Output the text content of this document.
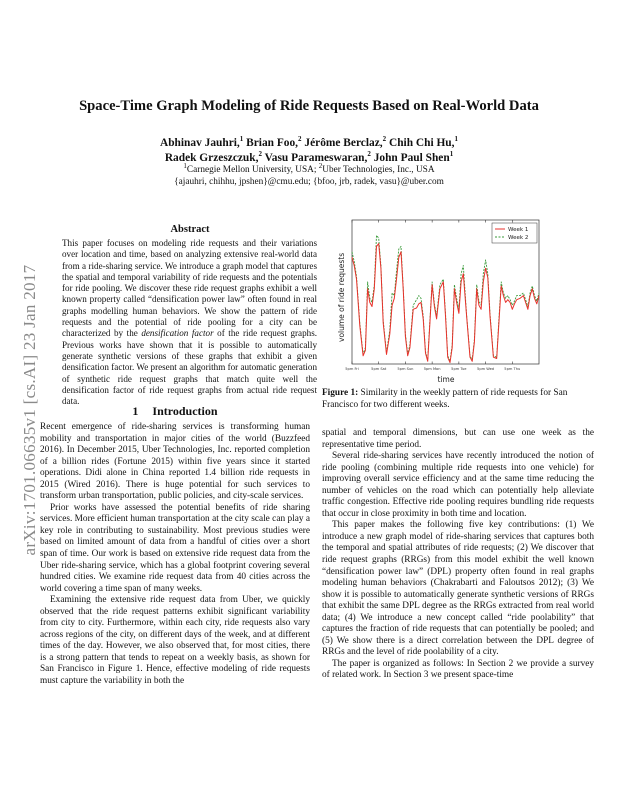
arXiv:1701.06635v1 [cs.AI] 23 Jan 2017
Space-Time Graph Modeling of Ride Requests Based on Real-World Data
Abhinav Jauhri,$^1$ Brian Foo,$^2$ Jérôme Berclaz,$^2$ Chih Chi Hu,$^1$
Radek Grzeszczuk,$^2$ Vasu Parameswaran,$^2$ John Paul Shen$^1$
$^1$Carnegie Mellon University, USA; $^2$Uber Technologies, Inc., USA
{ajauhri, chihhu, jpshen}@cmu.edu; {bfoo, jrb, radek, vasu}@uber.com
Abstract
This paper focuses on modeling ride requests and their variations over location and time, based on analyzing extensive real-world data from a ride-sharing service. We introduce a graph model that captures the spatial and temporal variability of ride requests and the potentials for ride pooling. We discover these ride request graphs exhibit a well known property called “densification power law” often found in real graphs modelling human behaviors. We show the pattern of ride requests and the potential of ride pooling for a city can be characterized by the densification factor of the ride request graphs. Previous works have shown that it is possible to automatically generate synthetic versions of these graphs that exhibit a given densification factor. We present an algorithm for automatic generation of synthetic ride request graphs that match quite well the densification factor of ride request graphs from actual ride request data.
1 Introduction

Recent emergence of ride-sharing services is transforming human mobility and transportation in major cities of the world (Buzzfeed 2016). In December 2015, Uber Technologies, Inc. reported completion of a billion rides (Fortune 2015) within five years since it started operations. Didi alone in China reported 1.4 billion ride requests in 2015 (Wired 2016). There is huge potential for such services to transform urban transportation, public policies, and city-scale services.

Prior works have assessed the potential benefits of ride sharing services. More efficient human transportation at the city scale can play a key role in contributing to sustainability. Most previous studies were based on limited amount of data from a handful of cities over a short span of time. Our work is based on extensive ride request data from the Uber ride-sharing service, which has a global footprint covering several hundred cities. We examine ride request data from 40 cities across the world covering a time span of many weeks.

Examining the extensive ride request data from Uber, we quickly observed that the ride request patterns exhibit significant variability from city to city. Furthermore, within each city, ride requests also vary across regions of the city, on different days of the week, and at different times of the day. However, we also observed that, for most cities, there is a strong pattern that tends to repeat on a weekly basis, as shown for San Francisco in Figure 1. Hence, effective modeling of ride requests must capture the variability in both the

5pm Fri	5pm Sat	5pm Sun	5pm Mon	5pm Tue	5pm Wed	5pm Thu
volume of ride requests
time
Week 1
Week 2
Figure 1: Similarity in the weekly pattern of ride requests for San Francisco for two different weeks.

spatial and temporal dimensions, but can use one week as the representative time period.

Several ride-sharing services have recently introduced the notion of ride pooling (combining multiple ride requests into one vehicle) for improving overall service efficiency and at the same time reducing the number of vehicles on the road which can potentially help alleviate traffic congestion. Effective ride pooling requires bundling ride requests that occur in close proximity in both time and location.

This paper makes the following five key contributions: (1) We introduce a new graph model of ride-sharing services that captures both the temporal and spatial attributes of ride requests; (2) We discover that ride request graphs (RRGs) from this model exhibit the well known “densification power law” (DPL) property often found in real graphs modeling human behaviors (Chakrabarti and Faloutsos 2012); (3) We show it is possible to automatically generate synthetic versions of RRGs that exhibit the same DPL degree as the RRGs extracted from real world data; (4) We introduce a new concept called “ride poolability” that captures the fraction of ride requests that can potentially be pooled; and (5) We show there is a direct correlation between the DPL degree of RRGs and the level of ride poolability of a city.

The paper is organized as follows: In Section 2 we provide a survey of related work. In Section 3 we present space-time
